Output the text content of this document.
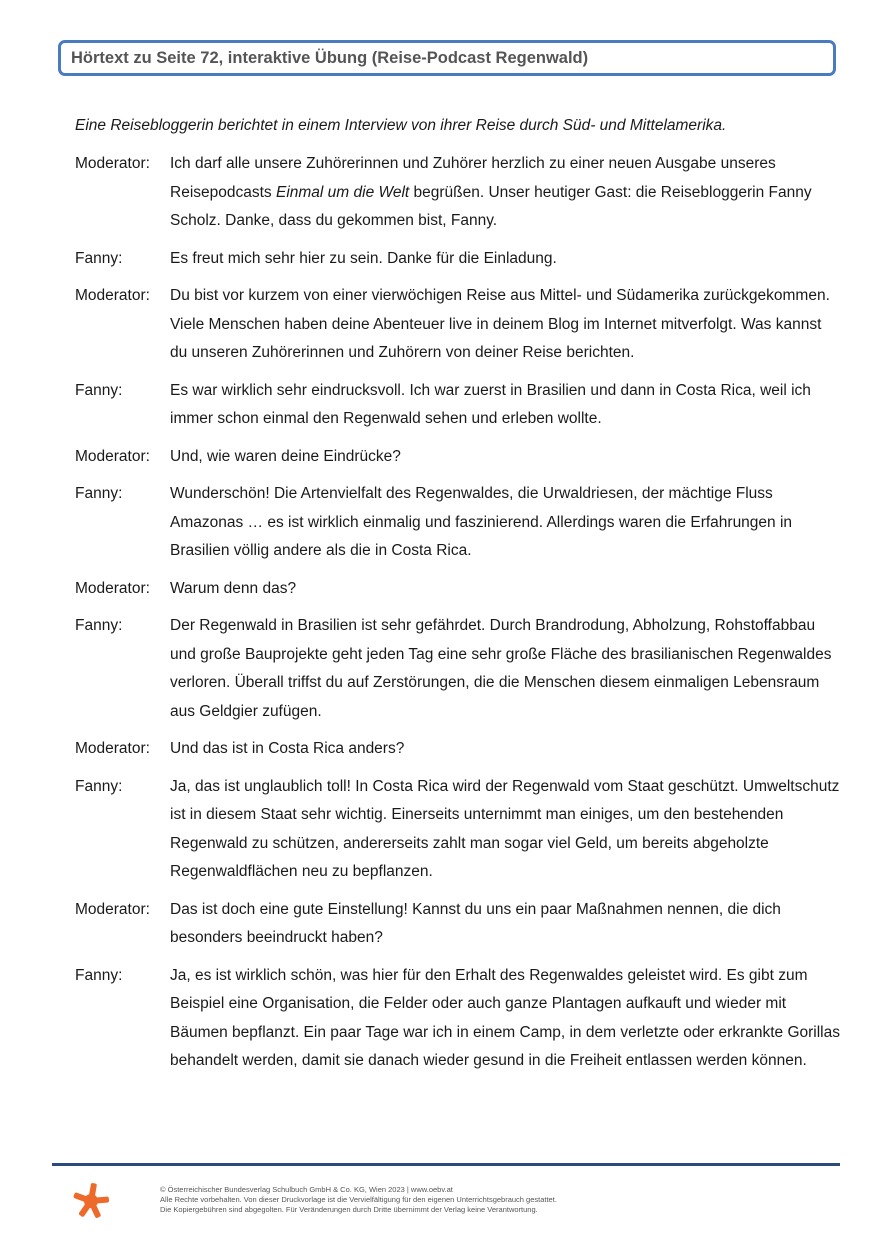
Hörtext zu Seite 72, interaktive Übung (Reise-Podcast Regenwald)
Eine Reisebloggerin berichtet in einem Interview von ihrer Reise durch Süd- und Mittelamerika.
Moderator:	Ich darf alle unsere Zuhörerinnen und Zuhörer herzlich zu einer neuen Ausgabe unseres Reisepodcasts Einmal um die Welt begrüßen. Unser heutiger Gast: die Reisebloggerin Fanny Scholz. Danke, dass du gekommen bist, Fanny.
Fanny:	Es freut mich sehr hier zu sein. Danke für die Einladung.
Moderator:	Du bist vor kurzem von einer vierwöchigen Reise aus Mittel- und Südamerika zurückgekommen. Viele Menschen haben deine Abenteuer live in deinem Blog im Internet mitverfolgt. Was kannst du unseren Zuhörerinnen und Zuhörern von deiner Reise berichten.
Fanny:	Es war wirklich sehr eindrucksvoll. Ich war zuerst in Brasilien und dann in Costa Rica, weil ich immer schon einmal den Regenwald sehen und erleben wollte.
Moderator:	Und, wie waren deine Eindrücke?
Fanny:	Wunderschön! Die Artenvielfalt des Regenwaldes, die Urwaldriesen, der mächtige Fluss Amazonas … es ist wirklich einmalig und faszinierend. Allerdings waren die Erfahrungen in Brasilien völlig andere als die in Costa Rica.
Moderator:	Warum denn das?
Fanny:	Der Regenwald in Brasilien ist sehr gefährdet. Durch Brandrodung, Abholzung, Rohstoffabbau und große Bauprojekte geht jeden Tag eine sehr große Fläche des brasilianischen Regenwaldes verloren. Überall triffst du auf Zerstörungen, die die Menschen diesem einmaligen Lebensraum aus Geldgier zufügen.
Moderator:	Und das ist in Costa Rica anders?
Fanny:	Ja, das ist unglaublich toll! In Costa Rica wird der Regenwald vom Staat geschützt. Umweltschutz ist in diesem Staat sehr wichtig. Einerseits unternimmt man einiges, um den bestehenden Regenwald zu schützen, andererseits zahlt man sogar viel Geld, um bereits abgeholzte Regenwaldflächen neu zu bepflanzen.
Moderator:	Das ist doch eine gute Einstellung! Kannst du uns ein paar Maßnahmen nennen, die dich besonders beeindruckt haben?
Fanny:	Ja, es ist wirklich schön, was hier für den Erhalt des Regenwaldes geleistet wird. Es gibt zum Beispiel eine Organisation, die Felder oder auch ganze Plantagen aufkauft und wieder mit Bäumen bepflanzt. Ein paar Tage war ich in einem Camp, in dem verletzte oder erkrankte Gorillas behandelt werden, damit sie danach wieder gesund in die Freiheit entlassen werden können.
© Österreichischer Bundesverlag Schulbuch GmbH & Co. KG, Wien 2023 | www.oebv.at
Alle Rechte vorbehalten. Von dieser Druckvorlage ist die Vervielfältigung für den eigenen Unterrichtsgebrauch gestattet.
Die Kopiergebühren sind abgegolten. Für Veränderungen durch Dritte übernimmt der Verlag keine Verantwortung.
